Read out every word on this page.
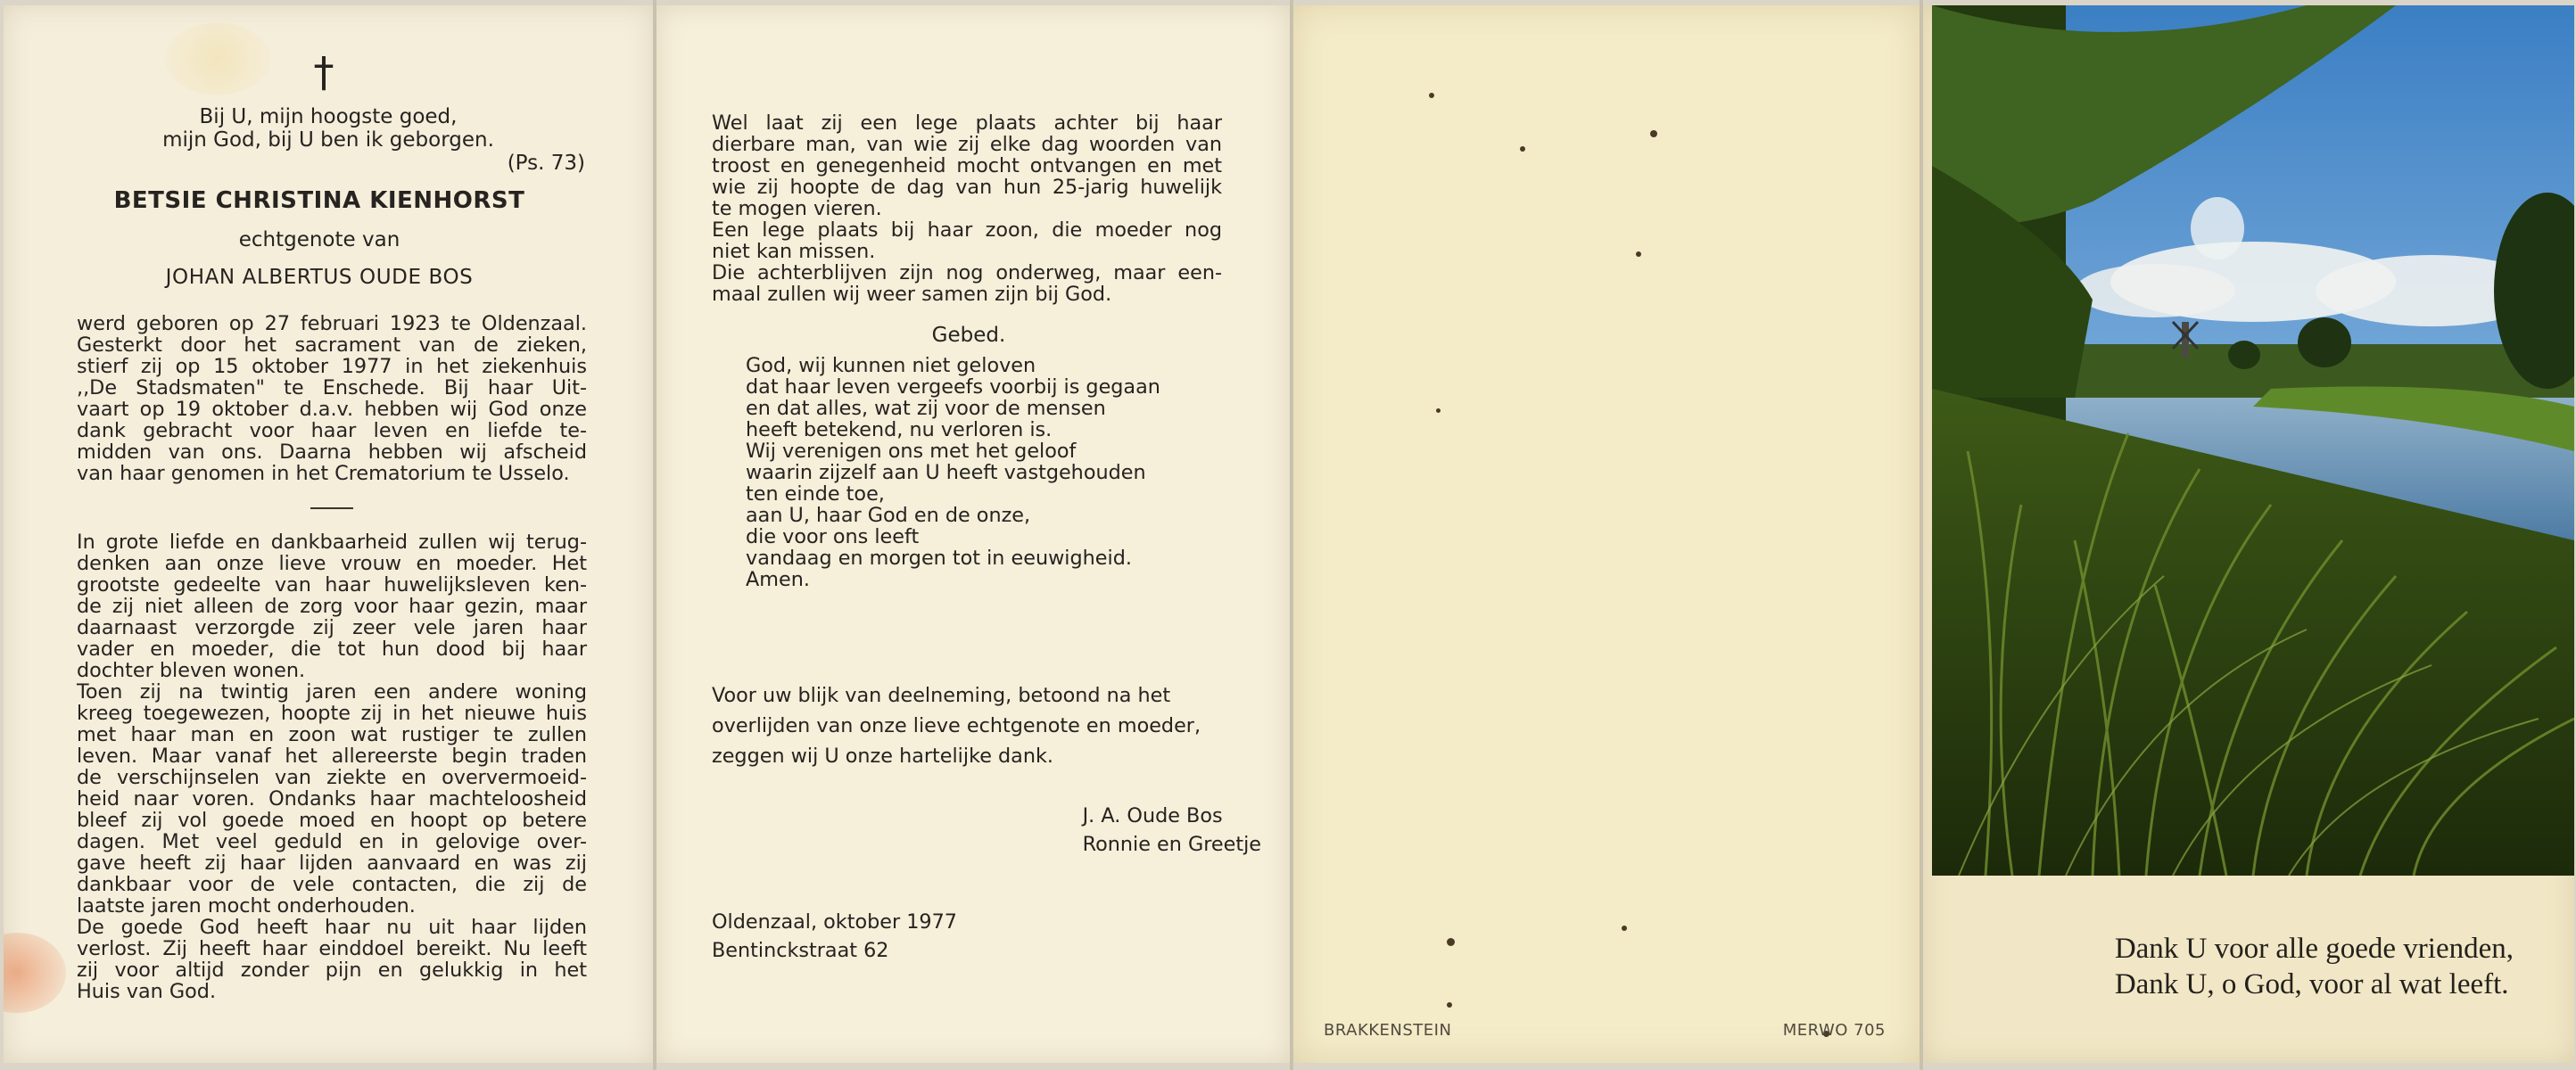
†
Bij U, mijn hoogste goed,
mijn God, bij U ben ik geborgen.
(Ps. 73)
BETSIE CHRISTINA KIENHORST
echtgenote van
JOHAN ALBERTUS OUDE BOS
werd geboren op 27 februari 1923 te Oldenzaal.
Gesterkt door het sacrament van de zieken,
stierf zij op 15 oktober 1977 in het ziekenhuis
,,De Stadsmaten" te Enschede. Bij haar Uit-
vaart op 19 oktober d.a.v. hebben wij God onze
dank gebracht voor haar leven en liefde te-
midden van ons. Daarna hebben wij afscheid
van haar genomen in het Crematorium te Usselo.
In grote liefde en dankbaarheid zullen wij terug-
denken aan onze lieve vrouw en moeder. Het
grootste gedeelte van haar huwelijksleven ken-
de zij niet alleen de zorg voor haar gezin, maar
daarnaast verzorgde zij zeer vele jaren haar
vader en moeder, die tot hun dood bij haar
dochter bleven wonen.
Toen zij na twintig jaren een andere woning
kreeg toegewezen, hoopte zij in het nieuwe huis
met haar man en zoon wat rustiger te zullen
leven. Maar vanaf het allereerste begin traden
de verschijnselen van ziekte en oververmoeid-
heid naar voren. Ondanks haar machteloosheid
bleef zij vol goede moed en hoopt op betere
dagen. Met veel geduld en in gelovige over-
gave heeft zij haar lijden aanvaard en was zij
dankbaar voor de vele contacten, die zij de
laatste jaren mocht onderhouden.
De goede God heeft haar nu uit haar lijden
verlost. Zij heeft haar einddoel bereikt. Nu leeft
zij voor altijd zonder pijn en gelukkig in het
Huis van God.
Wel laat zij een lege plaats achter bij haar
dierbare man, van wie zij elke dag woorden van
troost en genegenheid mocht ontvangen en met
wie zij hoopte de dag van hun 25-jarig huwelijk
te mogen vieren.
Een lege plaats bij haar zoon, die moeder nog
niet kan missen.
Die achterblijven zijn nog onderweg, maar een-
maal zullen wij weer samen zijn bij God.
Gebed.
God, wij kunnen niet geloven
dat haar leven vergeefs voorbij is gegaan
en dat alles, wat zij voor de mensen
heeft betekend, nu verloren is.
Wij verenigen ons met het geloof
waarin zijzelf aan U heeft vastgehouden
ten einde toe,
aan U, haar God en de onze,
die voor ons leeft
vandaag en morgen tot in eeuwigheid.
Amen.
Voor uw blijk van deelneming, betoond na het
overlijden van onze lieve echtgenote en moeder,
zeggen wij U onze hartelijke dank.
J. A. Oude Bos
Ronnie en Greetje
Oldenzaal, oktober 1977
Bentinckstraat 62
BRAKKENSTEIN	MERWO 705
Dank U voor alle goede vrienden,
Dank U, o God, voor al wat leeft.
